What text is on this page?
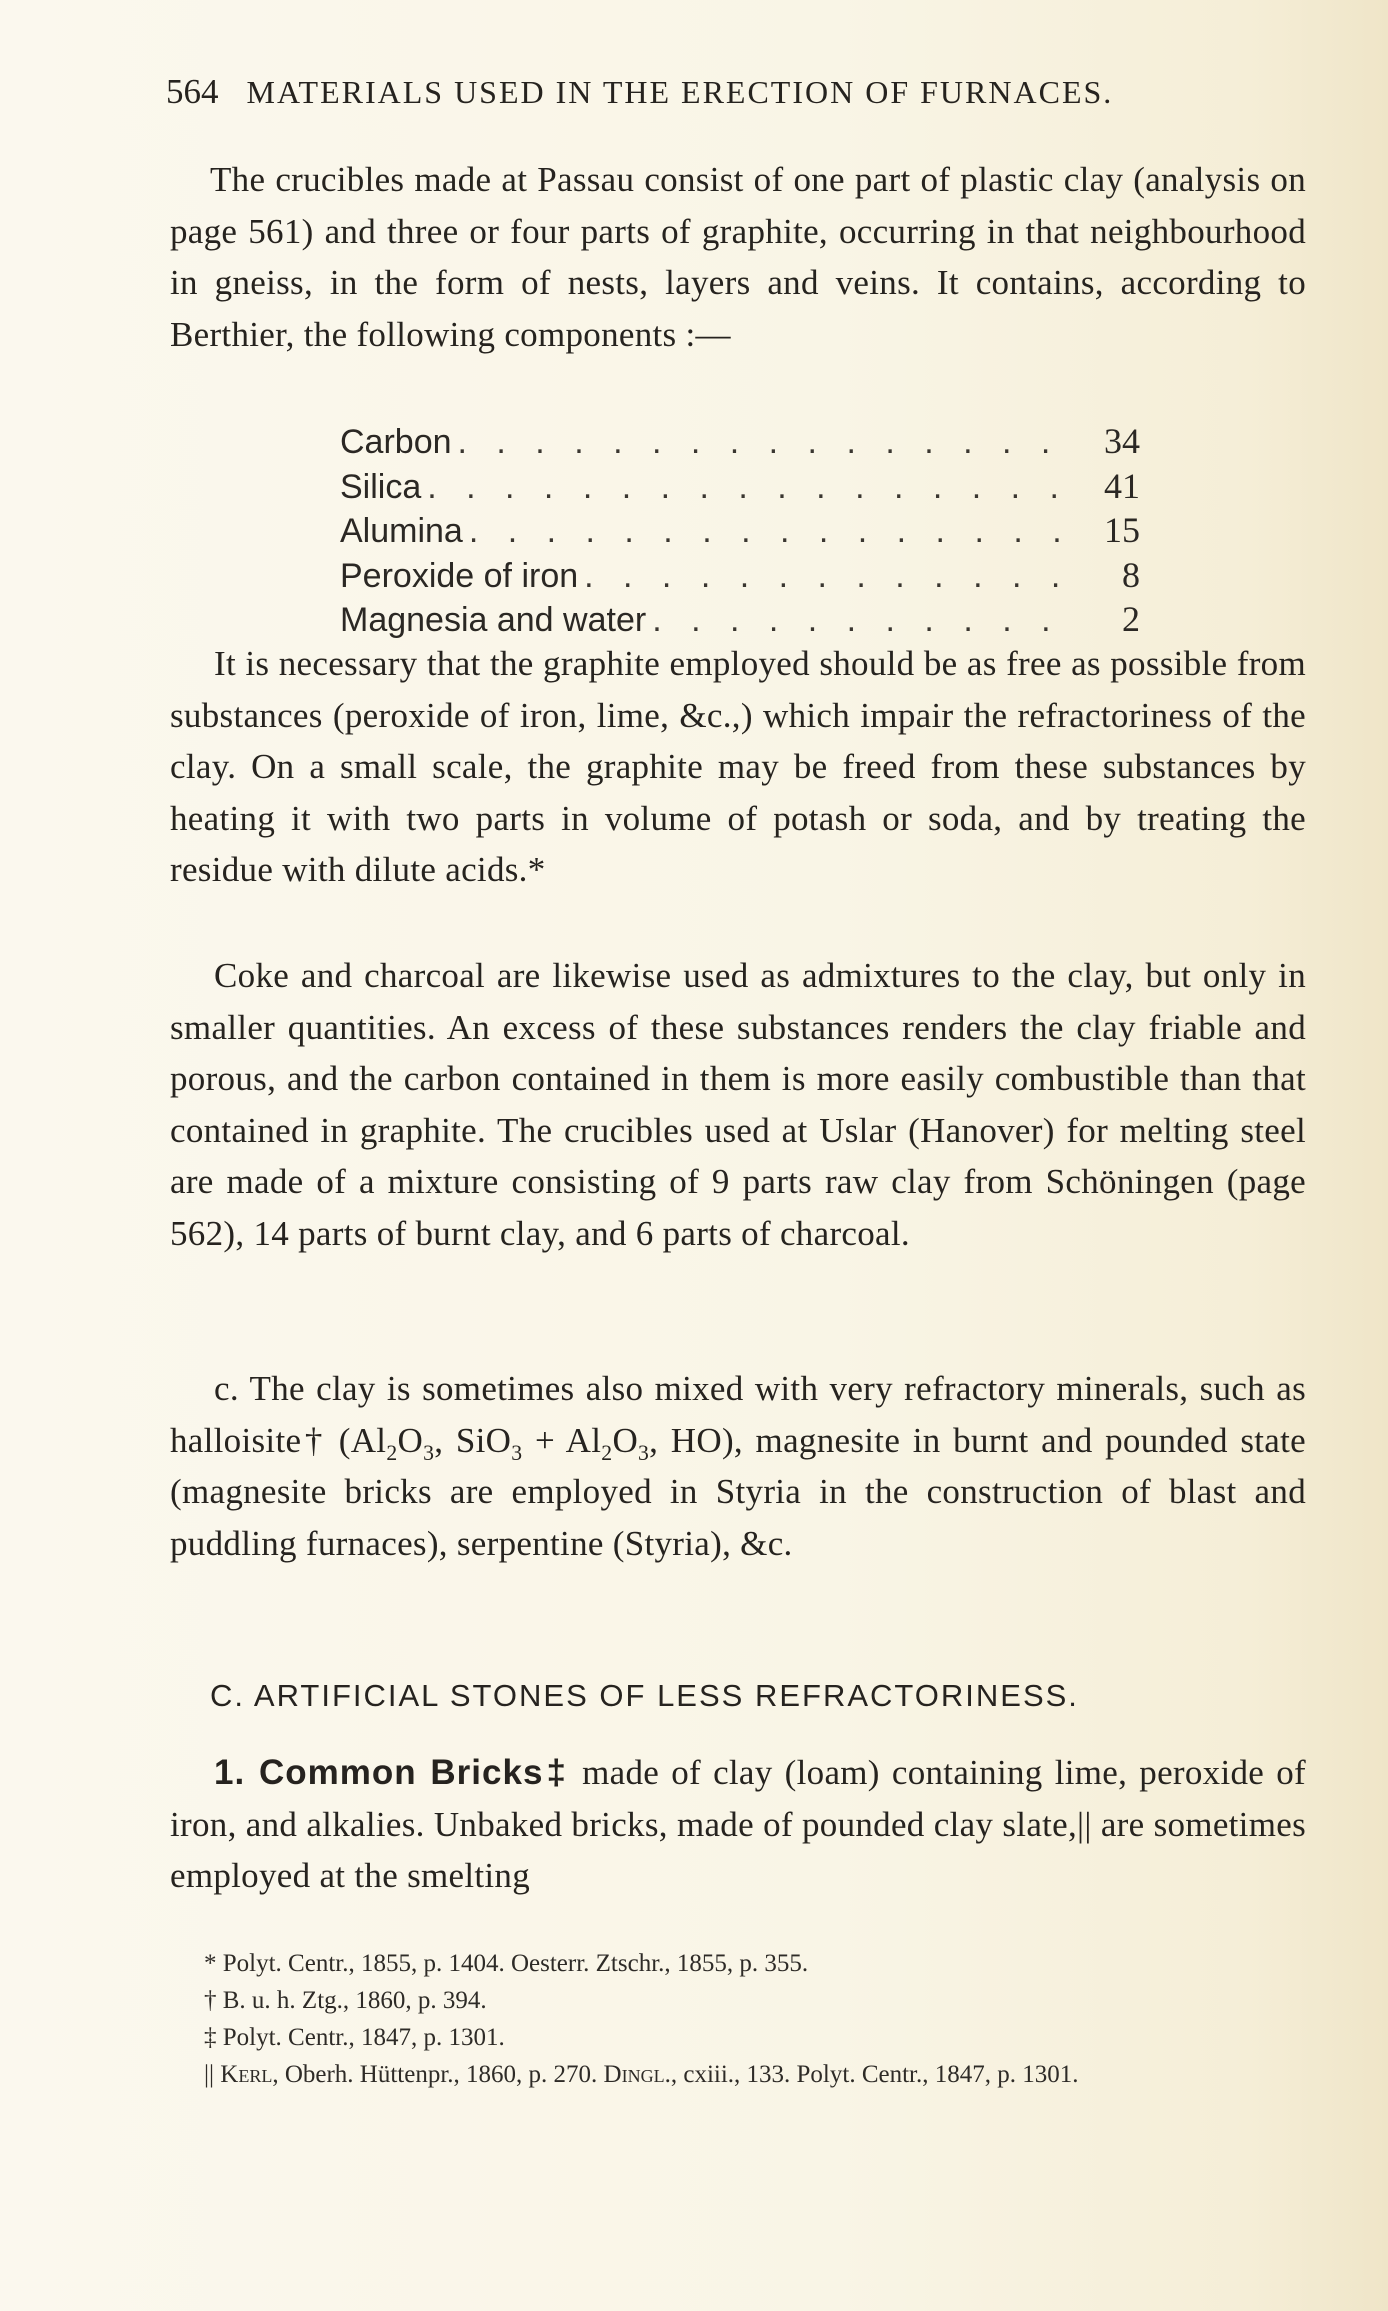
564 MATERIALS USED IN THE ERECTION OF FURNACES.

The crucibles made at Passau consist of one part of plastic clay (analysis on page 561) and three or four parts of graphite, occurring in that neighbourhood in gneiss, in the form of nests, layers and veins. It contains, according to Berthier, the following components :—

Carbon . . .	34
Silica . . .	41
Alumina . . .	15
Peroxide of iron . . .	8
Magnesia and water . . .	2

It is necessary that the graphite employed should be as free as possible from substances (peroxide of iron, lime, &c.,) which impair the refractoriness of the clay. On a small scale, the graphite may be freed from these substances by heating it with two parts in volume of potash or soda, and by treating the residue with dilute acids.*

Coke and charcoal are likewise used as admixtures to the clay, but only in smaller quantities. An excess of these substances renders the clay friable and porous, and the carbon contained in them is more easily combustible than that contained in graphite. The crucibles used at Uslar (Hanover) for melting steel are made of a mixture consisting of 9 parts raw clay from Schöningen (page 562), 14 parts of burnt clay, and 6 parts of charcoal.

c. The clay is sometimes also mixed with very refractory minerals, such as halloisite† ($Al_2O_3$, $SiO_3 + Al_2O_3$, HO), magnesite in burnt and pounded state (magnesite bricks are employed in Styria in the construction of blast and puddling furnaces), serpentine (Styria), &c.

C. ARTIFICIAL STONES OF LESS REFRACTORINESS.

1. Common Bricks‡ made of clay (loam) containing lime, peroxide of iron, and alkalies. Unbaked bricks, made of pounded clay slate,|| are sometimes employed at the smelting

* Polyt. Centr., 1855, p. 1404. Oesterr. Ztschr., 1855, p. 355.
† B. u. h. Ztg., 1860, p. 394.
‡ Polyt. Centr., 1847, p. 1301.
|| Kerl, Oberh. Hüttenpr., 1860, p. 270. Dingl., cxiii., 133. Polyt. Centr., 1847, p. 1301.
